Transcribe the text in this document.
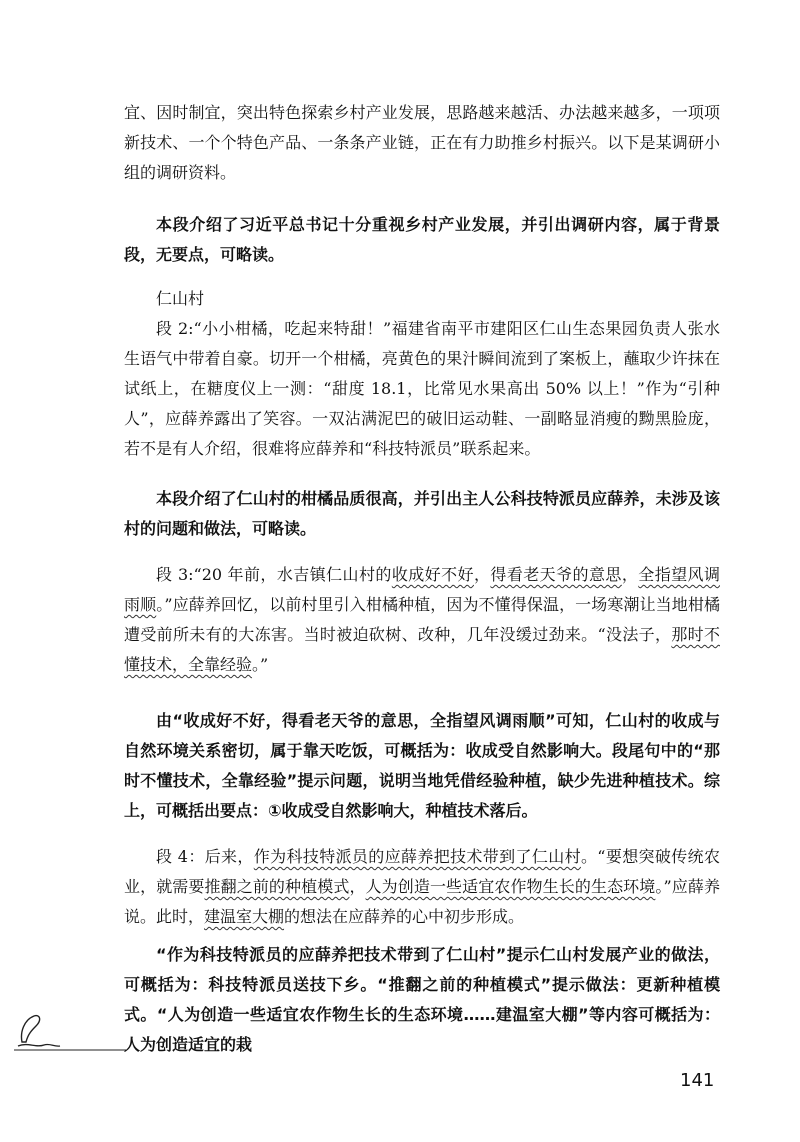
宜、因时制宜，突出特色探索乡村产业发展，思路越来越活、办法越来越多，一项项新技术、一个个特色产品、一条条产业链，正在有力助推乡村振兴。以下是某调研小组的调研资料。

本段介绍了习近平总书记十分重视乡村产业发展，并引出调研内容，属于背景段，无要点，可略读。

仁山村

段 2:“小小柑橘，吃起来特甜！”福建省南平市建阳区仁山生态果园负责人张水生语气中带着自豪。切开一个柑橘，亮黄色的果汁瞬间流到了案板上，蘸取少许抹在试纸上，在糖度仪上一测：“甜度 18.1，比常见水果高出 50% 以上！”作为“引种人”，应薛养露出了笑容。一双沾满泥巴的破旧运动鞋、一副略显消瘦的黝黑脸庞，若不是有人介绍，很难将应薛养和“科技特派员”联系起来。

本段介绍了仁山村的柑橘品质很高，并引出主人公科技特派员应薛养，未涉及该村的问题和做法，可略读。

段 3:“20 年前，水吉镇仁山村的收成好不好，得看老天爷的意思，全指望风调雨顺。”应薛养回忆，以前村里引入柑橘种植，因为不懂得保温，一场寒潮让当地柑橘遭受前所未有的大冻害。当时被迫砍树、改种，几年没缓过劲来。“没法子，那时不懂技术，全靠经验。”

由“收成好不好，得看老天爷的意思，全指望风调雨顺”可知，仁山村的收成与自然环境关系密切，属于靠天吃饭，可概括为：收成受自然影响大。段尾句中的“那时不懂技术，全靠经验”提示问题，说明当地凭借经验种植，缺少先进种植技术。综上，可概括出要点：①收成受自然影响大，种植技术落后。

段 4：后来，作为科技特派员的应薛养把技术带到了仁山村。“要想突破传统农业，就需要推翻之前的种植模式，人为创造一些适宜农作物生长的生态环境。”应薛养说。此时，建温室大棚的想法在应薛养的心中初步形成。

“作为科技特派员的应薛养把技术带到了仁山村”提示仁山村发展产业的做法，可概括为：科技特派员送技下乡。“推翻之前的种植模式”提示做法：更新种植模式。“人为创造一些适宜农作物生长的生态环境……建温室大棚”等内容可概括为：人为创造适宜的栽

141
